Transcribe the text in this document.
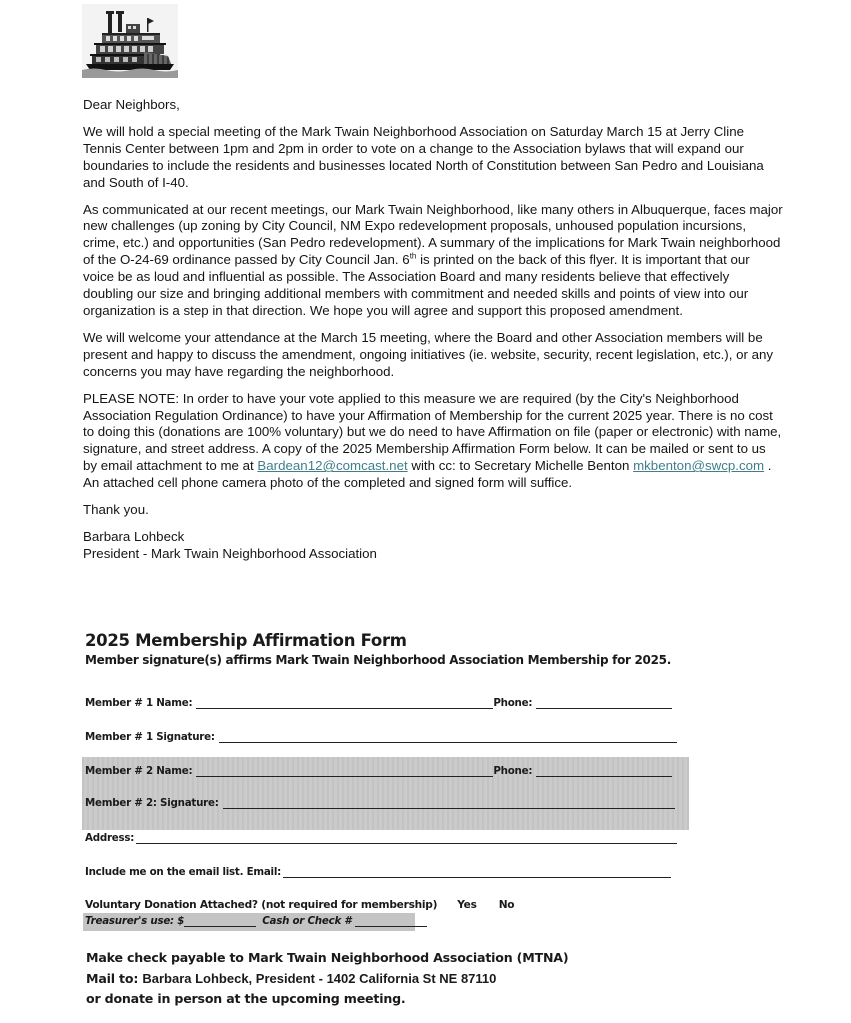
Dear Neighbors,

We will hold a special meeting of the Mark Twain Neighborhood Association on Saturday March 15 at Jerry Cline Tennis Center between 1pm and 2pm in order to vote on a change to the Association bylaws that will expand our boundaries to include the residents and businesses located North of Constitution between San Pedro and Louisiana and South of I-40.

As communicated at our recent meetings, our Mark Twain Neighborhood, like many others in Albuquerque, faces major new challenges (up zoning by City Council, NM Expo redevelopment proposals, unhoused population incursions, crime, etc.) and opportunities (San Pedro redevelopment). A summary of the implications for Mark Twain neighborhood of the O-24-69 ordinance passed by City Council Jan. 6th is printed on the back of this flyer. It is important that our voice be as loud and influential as possible. The Association Board and many residents believe that effectively doubling our size and bringing additional members with commitment and needed skills and points of view into our organization is a step in that direction. We hope you will agree and support this proposed amendment.

We will welcome your attendance at the March 15 meeting, where the Board and other Association members will be present and happy to discuss the amendment, ongoing initiatives (ie. website, security, recent legislation, etc.), or any concerns you may have regarding the neighborhood.

PLEASE NOTE: In order to have your vote applied to this measure we are required (by the City's Neighborhood Association Regulation Ordinance) to have your Affirmation of Membership for the current 2025 year. There is no cost to doing this (donations are 100% voluntary) but we do need to have Affirmation on file (paper or electronic) with name, signature, and street address. A copy of the 2025 Membership Affirmation Form below. It can be mailed or sent to us by email attachment to me at Bardean12@comcast.net with cc: to Secretary Michelle Benton mkbenton@swcp.com . An attached cell phone camera photo of the completed and signed form will suffice.

Thank you.

Barbara Lohbeck
President - Mark Twain Neighborhood Association

2025 Membership Affirmation Form
Member signature(s) affirms Mark Twain Neighborhood Association Membership for 2025.
Member # 1 Name:	Phone:
Member # 1 Signature:
Member # 2 Name:	Phone:
Member # 2: Signature:
Address:
Include me on the email list. Email:
Voluntary Donation Attached? (not required for membership) Yes No
Treasurer's use: $	Cash or Check #
Make check payable to Mark Twain Neighborhood Association (MTNA)
Mail to: Barbara Lohbeck, President - 1402 California St NE 87110
or donate in person at the upcoming meeting.
